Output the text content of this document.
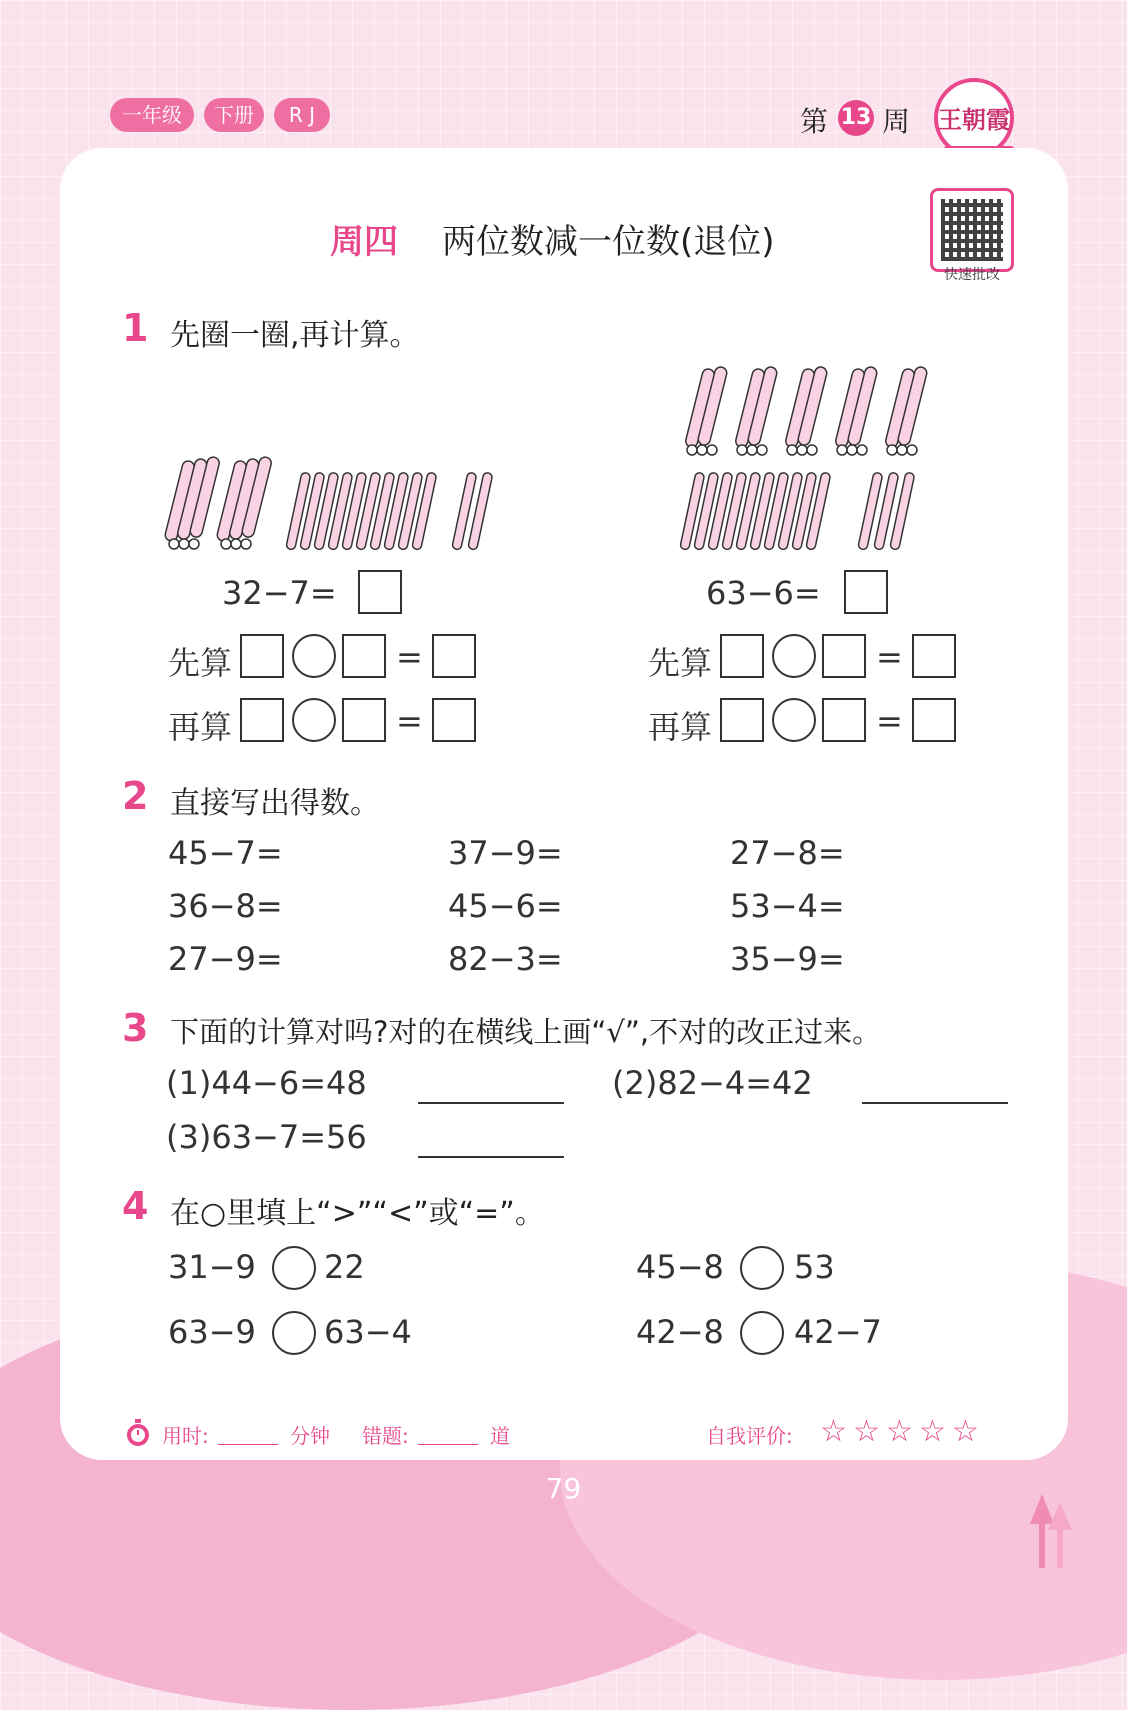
一年级	下册	R J	第 13 周 王朝霞
周四 两位数减一位数(退位)
快速批改
1 先圈一圈,再计算。
32−7=
先算	=
再算	=
63−6=
先算	=
再算	=
2 直接写出得数。
45−7=	37−9=	27−8=
36−8=	45−6=	53−4=
27−9=	82−3=	35−9=
3 下面的计算对吗?对的在横线上画“√”,不对的改正过来。
(1)44−6=48	(2)82−4=42
(3)63−7=56
4 在○里填上“>”“<”或“=”。
31−9 22	45−8 53
63−9 63−4	42−8 42−7
用时:	分钟 错题:	道	自我评价: ☆ ☆ ☆ ☆ ☆
79
